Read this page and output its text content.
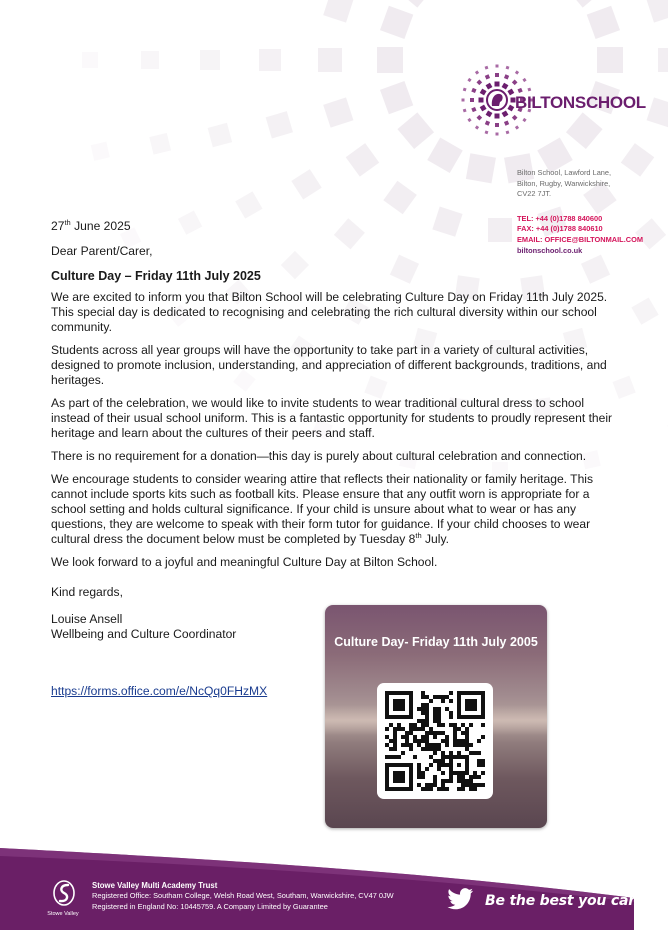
BILTONSCHOOL
Bilton School, Lawford Lane,
Bilton, Rugby, Warwickshire,
CV22 7JT.
TEL: +44 (0)1788 840600
FAX: +44 (0)1788 840610
EMAIL: OFFICE@BILTONMAIL.COM
biltonschool.co.uk

27th June 2025

Dear Parent/Carer,

Culture Day – Friday 11th July 2025

We are excited to inform you that Bilton School will be celebrating Culture Day on Friday 11th July 2025. This special day is dedicated to recognising and celebrating the rich cultural diversity within our school community.

Students across all year groups will have the opportunity to take part in a variety of cultural activities, designed to promote inclusion, understanding, and appreciation of different backgrounds, traditions, and heritages.

As part of the celebration, we would like to invite students to wear traditional cultural dress to school instead of their usual school uniform. This is a fantastic opportunity for students to proudly represent their heritage and learn about the cultures of their peers and staff.

There is no requirement for a donation—this day is purely about cultural celebration and connection.

We encourage students to consider wearing attire that reflects their nationality or family heritage. This cannot include sports kits such as football kits. Please ensure that any outfit worn is appropriate for a school setting and holds cultural significance. If your child is unsure about what to wear or has any questions, they are welcome to speak with their form tutor for guidance. If your child chooses to wear cultural dress the document below must be completed by Tuesday 8th July.

We look forward to a joyful and meaningful Culture Day at Bilton School.

Kind regards,
Louise Ansell
Wellbeing and Culture Coordinator
https://forms.office.com/e/NcQq0FHzMX
Culture Day- Friday 11th July 2005
Stowe Valley
Stowe Valley Multi Academy Trust
Registered Office: Southam College, Welsh Road West, Southam, Warwickshire, CV47 0JW
Registered in England No: 10445759. A Company Limited by Guarantee	Be the best you can be!
